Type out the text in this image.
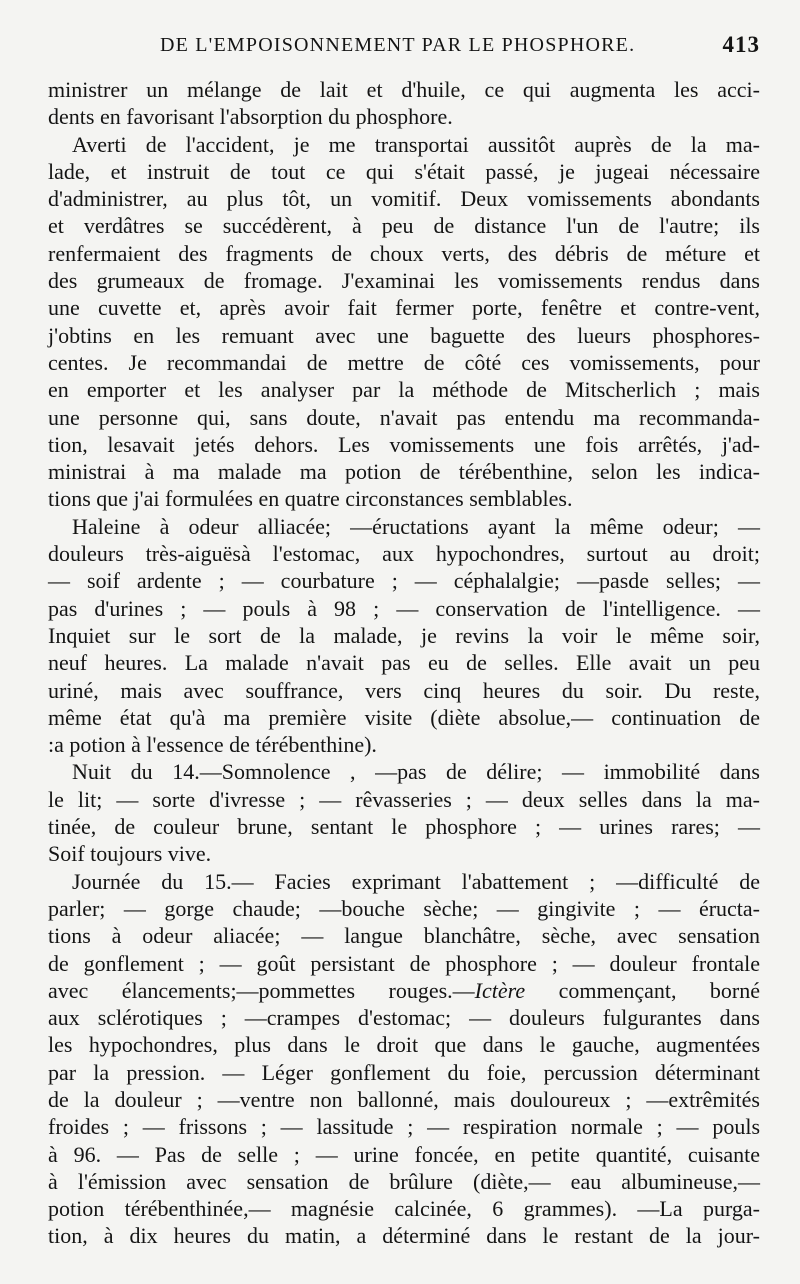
DE L'EMPOISONNEMENT PAR LE PHOSPHORE.	413

ministrer un mélange de lait et d'huile, ce qui augmenta les acci-
dents en favorisant l'absorption du phosphore.

Averti de l'accident, je me transportai aussitôt auprès de la ma-
lade, et instruit de tout ce qui s'était passé, je jugeai nécessaire
d'administrer, au plus tôt, un vomitif. Deux vomissements abondants
et verdâtres se succédèrent, à peu de distance l'un de l'autre; ils
renfermaient des fragments de choux verts, des débris de méture et
des grumeaux de fromage. J'examinai les vomissements rendus dans
une cuvette et, après avoir fait fermer porte, fenêtre et contre-vent,
j'obtins en les remuant avec une baguette des lueurs phosphores-
centes. Je recommandai de mettre de côté ces vomissements, pour
en emporter et les analyser par la méthode de Mitscherlich ; mais
une personne qui, sans doute, n'avait pas entendu ma recommanda-
tion, lesavait jetés dehors. Les vomissements une fois arrêtés, j'ad-
ministrai à ma malade ma potion de térébenthine, selon les indica-
tions que j'ai formulées en quatre circonstances semblables.

Haleine à odeur alliacée; —éructations ayant la même odeur; —
douleurs très-aiguësà l'estomac, aux hypochondres, surtout au droit;
— soif ardente ; — courbature ; — céphalalgie; —pasde selles; —
pas d'urines ; — pouls à 98 ; — conservation de l'intelligence. —
Inquiet sur le sort de la malade, je revins la voir le même soir,
neuf heures. La malade n'avait pas eu de selles. Elle avait un peu
uriné, mais avec souffrance, vers cinq heures du soir. Du reste,
même état qu'à ma première visite (diète absolue,— continuation de
:a potion à l'essence de térébenthine).

Nuit du 14.—Somnolence , —pas de délire; — immobilité dans
le lit; — sorte d'ivresse ; — rêvasseries ; — deux selles dans la ma-
tinée, de couleur brune, sentant le phosphore ; — urines rares; —
Soif toujours vive.

Journée du 15.— Facies exprimant l'abattement ; —difficulté de
parler; — gorge chaude; —bouche sèche; — gingivite ; — éructa-
tions à odeur aliacée; — langue blanchâtre, sèche, avec sensation
de gonflement ; — goût persistant de phosphore ; — douleur frontale
avec élancements;—pommettes rouges.—Ictère commençant, borné
aux sclérotiques ; —crampes d'estomac; — douleurs fulgurantes dans
les hypochondres, plus dans le droit que dans le gauche, augmentées
par la pression. — Léger gonflement du foie, percussion déterminant
de la douleur ; —ventre non ballonné, mais douloureux ; —extrêmités
froides ; — frissons ; — lassitude ; — respiration normale ; — pouls
à 96. — Pas de selle ; — urine foncée, en petite quantité, cuisante
à l'émission avec sensation de brûlure (diète,— eau albumineuse,—
potion térébenthinée,— magnésie calcinée, 6 grammes). —La purga-
tion, à dix heures du matin, a déterminé dans le restant de la jour-
